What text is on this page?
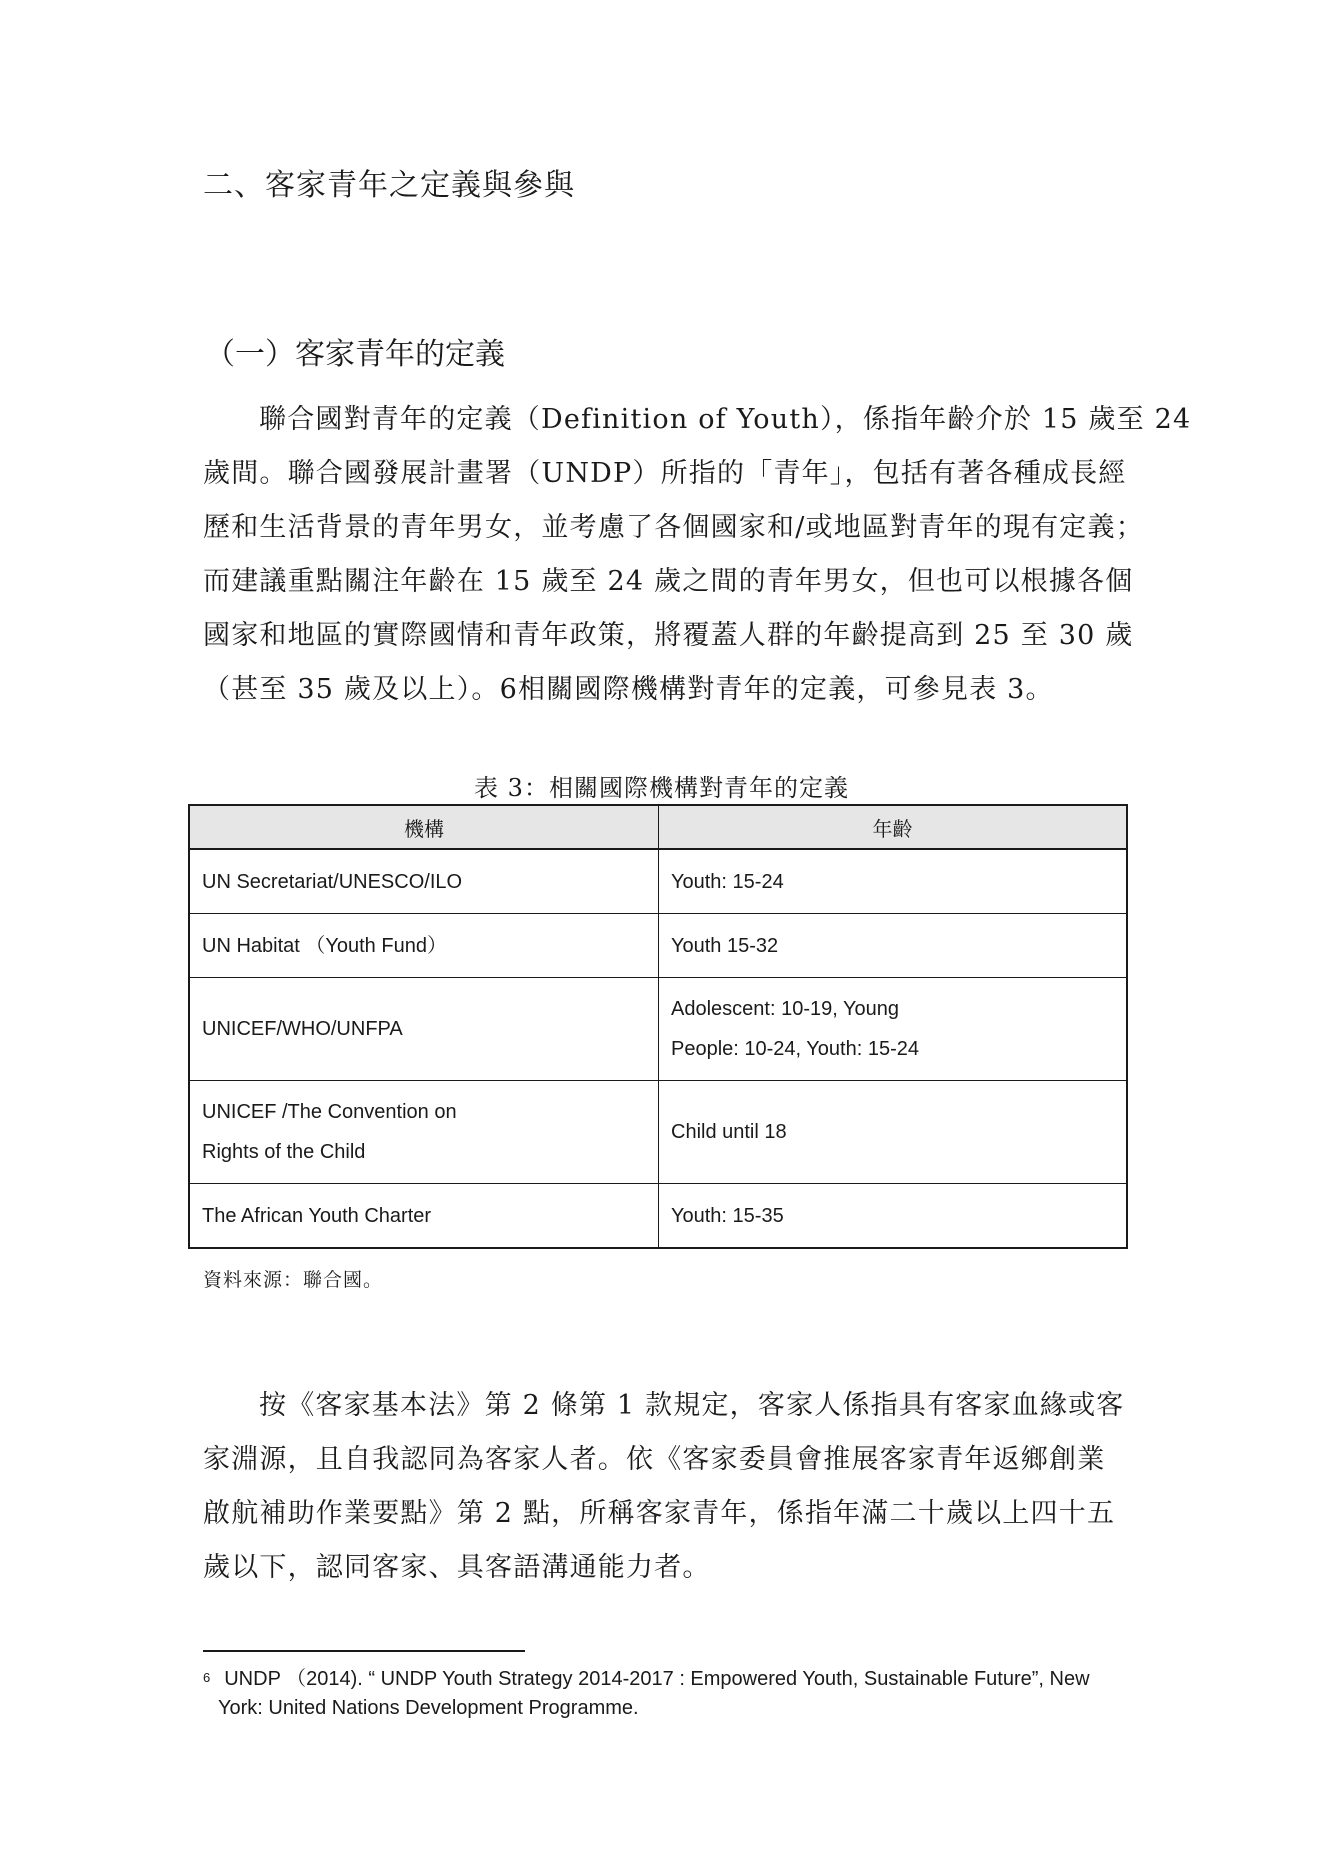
二、客家青年之定義與參與
（一）客家青年的定義

聯合國對青年的定義（Definition of Youth），係指年齡介於 15 歲至 24
歲間。聯合國發展計畫署（UNDP）所指的「青年」，包括有著各種成長經
歷和生活背景的青年男女，並考慮了各個國家和/或地區對青年的現有定義；
而建議重點關注年齡在 15 歲至 24 歲之間的青年男女，但也可以根據各個
國家和地區的實際國情和青年政策，將覆蓋人群的年齡提高到 25 至 30 歲
（甚至 35 歲及以上）。6相關國際機構對青年的定義，可參見表 3。

表 3：相關國際機構對青年的定義

機構	年齡
UN Secretariat/UNESCO/ILO	Youth: 15-24
UN Habitat （Youth Fund）	Youth 15-32
UNICEF/WHO/UNFPA	Adolescent: 10-19, Young
People: 10-24, Youth: 15-24
UNICEF /The Convention on
Rights of the Child	Child until 18
The African Youth Charter	Youth: 15-35

資料來源：聯合國。

按《客家基本法》第 2 條第 1 款規定，客家人係指具有客家血緣或客
家淵源，且自我認同為客家人者。依《客家委員會推展客家青年返鄉創業
啟航補助作業要點》第 2 點，所稱客家青年，係指年滿二十歲以上四十五
歲以下，認同客家、具客語溝通能力者。

$^6$ UNDP （2014). “ UNDP Youth Strategy 2014-2017 : Empowered Youth, Sustainable Future”, New
York: United Nations Development Programme.
